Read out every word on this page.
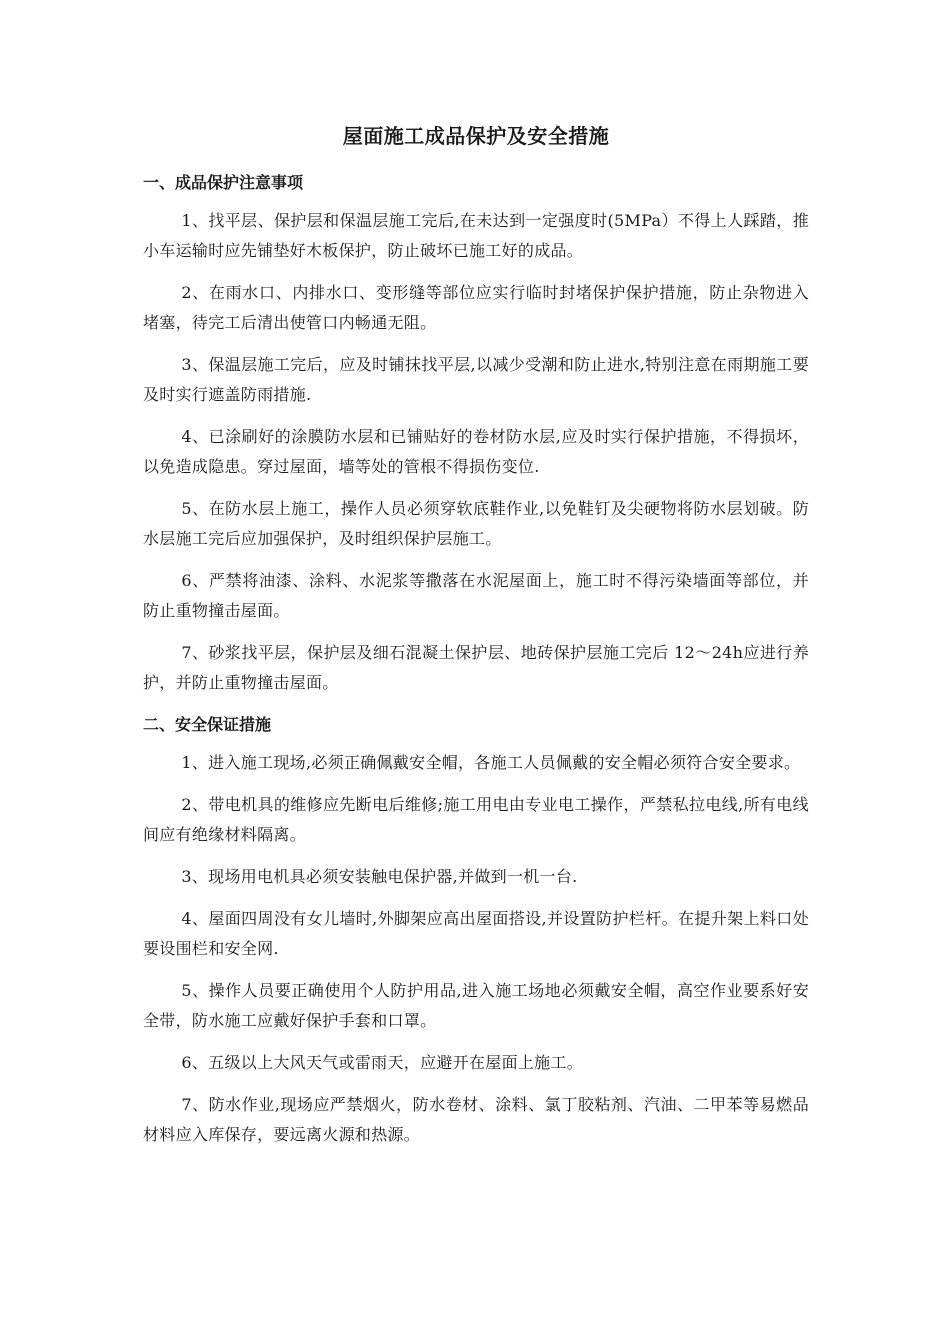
屋面施工成品保护及安全措施
一、成品保护注意事项

1、找平层、保护层和保温层施工完后,在未达到一定强度时(5MPa）不得上人踩踏，推小车运输时应先铺垫好木板保护，防止破坏已施工好的成品。

2、在雨水口、内排水口、变形缝等部位应实行临时封堵保护保护措施，防止杂物进入堵塞，待完工后清出使管口内畅通无阻。

3、保温层施工完后，应及时铺抹找平层,以减少受潮和防止进水,特别注意在雨期施工要及时实行遮盖防雨措施.

4、已涂刷好的涂膜防水层和已铺贴好的卷材防水层,应及时实行保护措施，不得损坏，以免造成隐患。穿过屋面，墙等处的管根不得损伤变位.

5、在防水层上施工，操作人员必须穿软底鞋作业,以免鞋钉及尖硬物将防水层划破。防水层施工完后应加强保护，及时组织保护层施工。

6、严禁将油漆、涂料、水泥浆等撒落在水泥屋面上，施工时不得污染墙面等部位，并防止重物撞击屋面。

7、砂浆找平层，保护层及细石混凝土保护层、地砖保护层施工完后 12～24h应进行养护，并防止重物撞击屋面。

二、安全保证措施

1、进入施工现场,必须正确佩戴安全帽，各施工人员佩戴的安全帽必须符合安全要求。

2、带电机具的维修应先断电后维修;施工用电由专业电工操作，严禁私拉电线,所有电线间应有绝缘材料隔离。

3、现场用电机具必须安装触电保护器,并做到一机一台.

4、屋面四周没有女儿墙时,外脚架应高出屋面搭设,并设置防护栏杆。在提升架上料口处要设围栏和安全网.

5、操作人员要正确使用个人防护用品,进入施工场地必须戴安全帽，高空作业要系好安全带，防水施工应戴好保护手套和口罩。

6、五级以上大风天气或雷雨天，应避开在屋面上施工。

7、防水作业,现场应严禁烟火，防水卷材、涂料、氯丁胶粘剂、汽油、二甲苯等易燃品材料应入库保存，要远离火源和热源。
